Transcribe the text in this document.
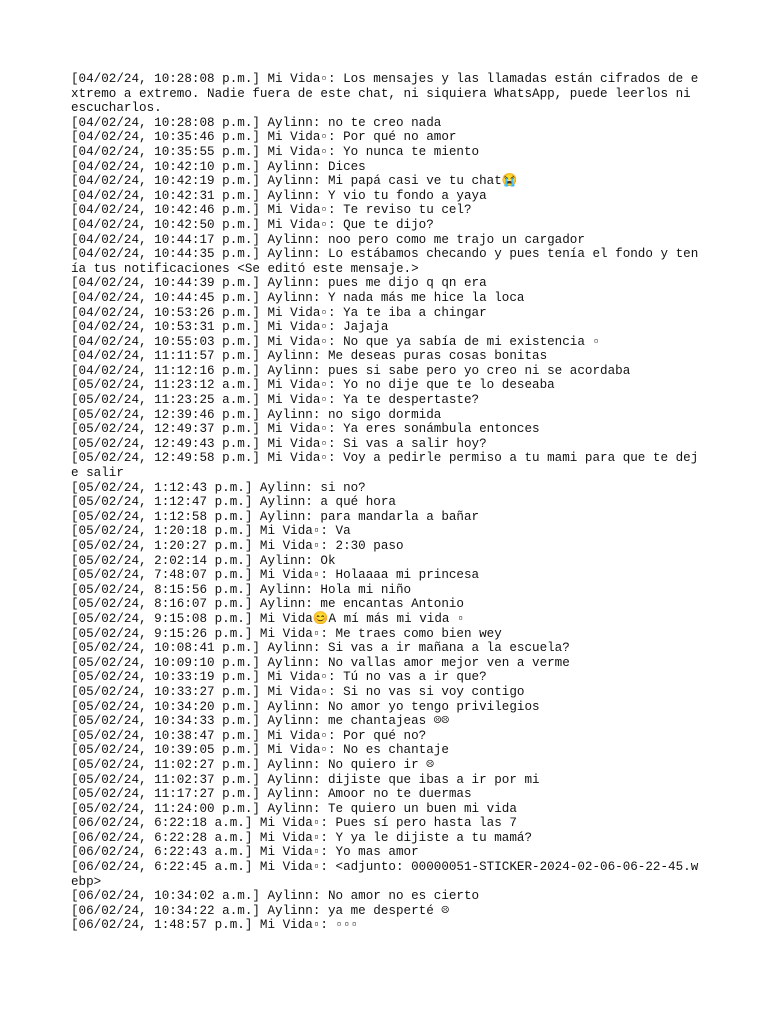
[04/02/24, 10:28:08 p.m.] Mi Vida▫: Los mensajes y las llamadas están cifrados de extremo a extremo. Nadie fuera de este chat, ni siquiera WhatsApp, puede leerlos ni escucharlos.
[04/02/24, 10:28:08 p.m.] Aylinn: no te creo nada
[04/02/24, 10:35:46 p.m.] Mi Vida▫: Por qué no amor
[04/02/24, 10:35:55 p.m.] Mi Vida▫: Yo nunca te miento
[04/02/24, 10:42:10 p.m.] Aylinn: Dices
[04/02/24, 10:42:19 p.m.] Aylinn: Mi papá casi ve tu chat😭
[04/02/24, 10:42:31 p.m.] Aylinn: Y vio tu fondo a yaya
[04/02/24, 10:42:46 p.m.] Mi Vida▫: Te reviso tu cel?
[04/02/24, 10:42:50 p.m.] Mi Vida▫: Que te dijo?
[04/02/24, 10:44:17 p.m.] Aylinn: noo pero como me trajo un cargador
[04/02/24, 10:44:35 p.m.] Aylinn: Lo estábamos checando y pues tenía el fondo y tenía tus notificaciones <Se editó este mensaje.>
[04/02/24, 10:44:39 p.m.] Aylinn: pues me dijo q qn era
[04/02/24, 10:44:45 p.m.] Aylinn: Y nada más me hice la loca
[04/02/24, 10:53:26 p.m.] Mi Vida▫: Ya te iba a chingar
[04/02/24, 10:53:31 p.m.] Mi Vida▫: Jajaja
[04/02/24, 10:55:03 p.m.] Mi Vida▫: No que ya sabía de mi existencia ▫
[04/02/24, 11:11:57 p.m.] Aylinn: Me deseas puras cosas bonitas
[04/02/24, 11:12:16 p.m.] Aylinn: pues si sabe pero yo creo ni se acordaba
[05/02/24, 11:23:12 a.m.] Mi Vida▫: Yo no dije que te lo deseaba
[05/02/24, 11:23:25 a.m.] Mi Vida▫: Ya te despertaste?
[05/02/24, 12:39:46 p.m.] Aylinn: no sigo dormida
[05/02/24, 12:49:37 p.m.] Mi Vida▫: Ya eres sonámbula entonces
[05/02/24, 12:49:43 p.m.] Mi Vida▫: Si vas a salir hoy?
[05/02/24, 12:49:58 p.m.] Mi Vida▫: Voy a pedirle permiso a tu mami para que te deje salir
[05/02/24, 1:12:43 p.m.] Aylinn: si no?
[05/02/24, 1:12:47 p.m.] Aylinn: a qué hora
[05/02/24, 1:12:58 p.m.] Aylinn: para mandarla a bañar
[05/02/24, 1:20:18 p.m.] Mi Vida▫: Va
[05/02/24, 1:20:27 p.m.] Mi Vida▫: 2:30 paso
[05/02/24, 2:02:14 p.m.] Aylinn: Ok
[05/02/24, 7:48:07 p.m.] Mi Vida▫: Holaaaa mi princesa
[05/02/24, 8:15:56 p.m.] Aylinn: Hola mi niño
[05/02/24, 8:16:07 p.m.] Aylinn: me encantas Antonio
[05/02/24, 9:15:08 p.m.] Mi Vida😊A mí más mi vida ▫
[05/02/24, 9:15:26 p.m.] Mi Vida▫: Me traes como bien wey
[05/02/24, 10:08:41 p.m.] Aylinn: Si vas a ir mañana a la escuela?
[05/02/24, 10:09:10 p.m.] Aylinn: No vallas amor mejor ven a verme
[05/02/24, 10:33:19 p.m.] Mi Vida▫: Tú no vas a ir que?
[05/02/24, 10:33:27 p.m.] Mi Vida▫: Si no vas si voy contigo
[05/02/24, 10:34:20 p.m.] Aylinn: No amor yo tengo privilegios
[05/02/24, 10:34:33 p.m.] Aylinn: me chantajeas ☹☹
[05/02/24, 10:38:47 p.m.] Mi Vida▫: Por qué no?
[05/02/24, 10:39:05 p.m.] Mi Vida▫: No es chantaje
[05/02/24, 11:02:27 p.m.] Aylinn: No quiero ir ☹
[05/02/24, 11:02:37 p.m.] Aylinn: dijiste que ibas a ir por mi
[05/02/24, 11:17:27 p.m.] Aylinn: Amoor no te duermas
[05/02/24, 11:24:00 p.m.] Aylinn: Te quiero un buen mi vida
[06/02/24, 6:22:18 a.m.] Mi Vida▫: Pues sí pero hasta las 7
[06/02/24, 6:22:28 a.m.] Mi Vida▫: Y ya le dijiste a tu mamá?
[06/02/24, 6:22:43 a.m.] Mi Vida▫: Yo mas amor
[06/02/24, 6:22:45 a.m.] Mi Vida▫: <adjunto: 00000051-STICKER-2024-02-06-06-22-45.webp>
[06/02/24, 10:34:02 a.m.] Aylinn: No amor no es cierto
[06/02/24, 10:34:22 a.m.] Aylinn: ya me desperté ☹
[06/02/24, 1:48:57 p.m.] Mi Vida▫: ▫▫▫
